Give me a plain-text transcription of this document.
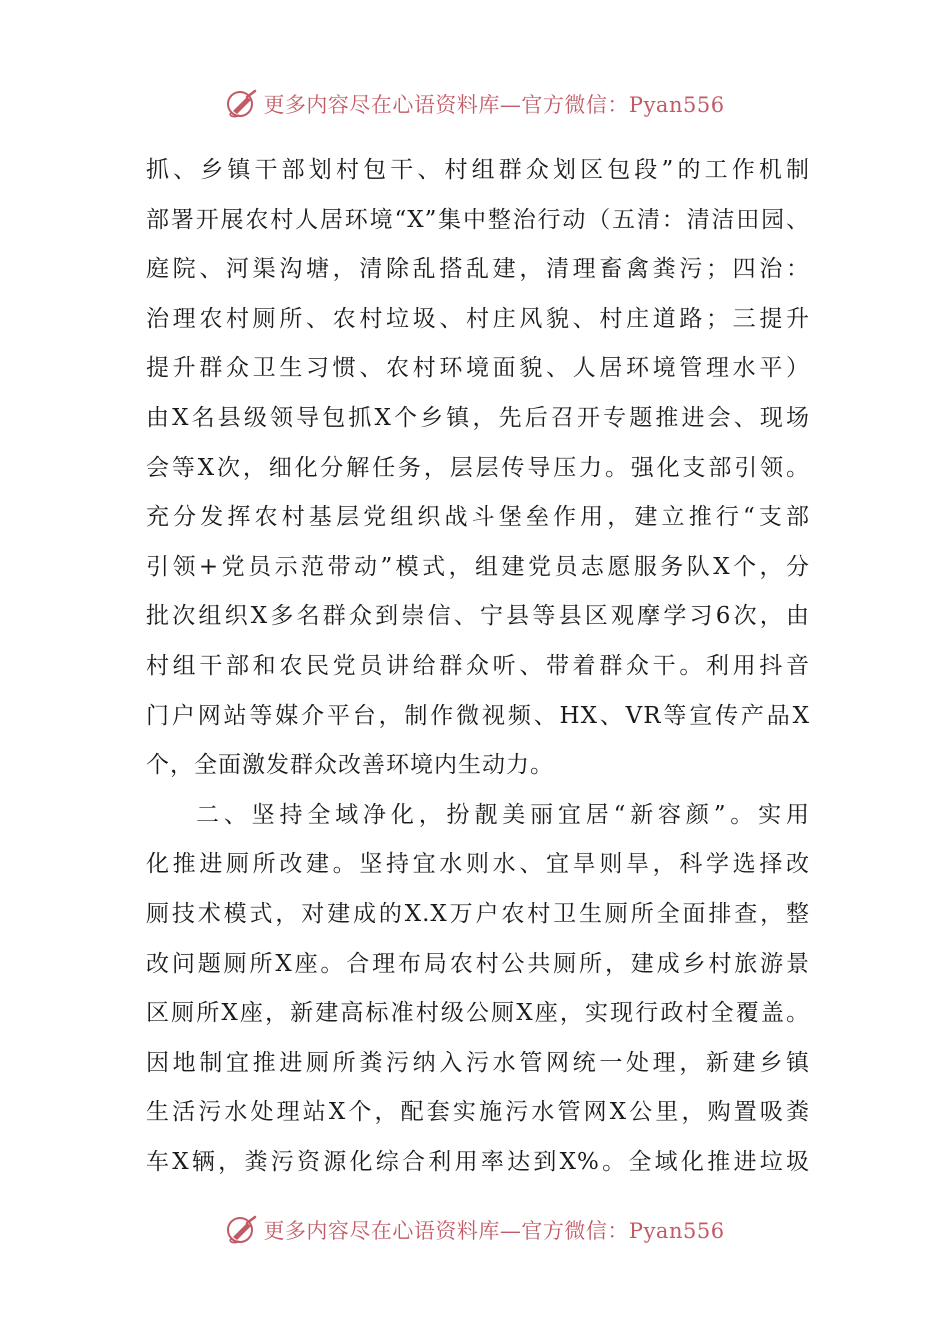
更多内容尽在心语资料库—官方微信：Pyan556
抓、乡镇干部划村包干、村组群众划区包段”的工作机制
部署开展农村人居环境“X”集中整治行动（五清：清洁田园、
庭院、河渠沟塘，清除乱搭乱建，清理畜禽粪污；四治：
治理农村厕所、农村垃圾、村庄风貌、村庄道路；三提升
提升群众卫生习惯、农村环境面貌、人居环境管理水平）
由X名县级领导包抓X个乡镇，先后召开专题推进会、现场
会等X次，细化分解任务，层层传导压力。强化支部引领。
充分发挥农村基层党组织战斗堡垒作用，建立推行“支部
引领+党员示范带动”模式，组建党员志愿服务队X个，分
批次组织X多名群众到崇信、宁县等县区观摩学习6次，由
村组干部和农民党员讲给群众听、带着群众干。利用抖音
门户网站等媒介平台，制作微视频、HX、VR等宣传产品X
个，全面激发群众改善环境内生动力。
二、坚持全域净化，扮靓美丽宜居“新容颜”。实用
化推进厕所改建。坚持宜水则水、宜旱则旱，科学选择改
厕技术模式，对建成的X.X万户农村卫生厕所全面排查，整
改问题厕所X座。合理布局农村公共厕所，建成乡村旅游景
区厕所X座，新建高标准村级公厕X座，实现行政村全覆盖。
因地制宜推进厕所粪污纳入污水管网统一处理，新建乡镇
生活污水处理站X个，配套实施污水管网X公里，购置吸粪
车X辆，粪污资源化综合利用率达到X%。全域化推进垃圾
更多内容尽在心语资料库—官方微信：Pyan556
